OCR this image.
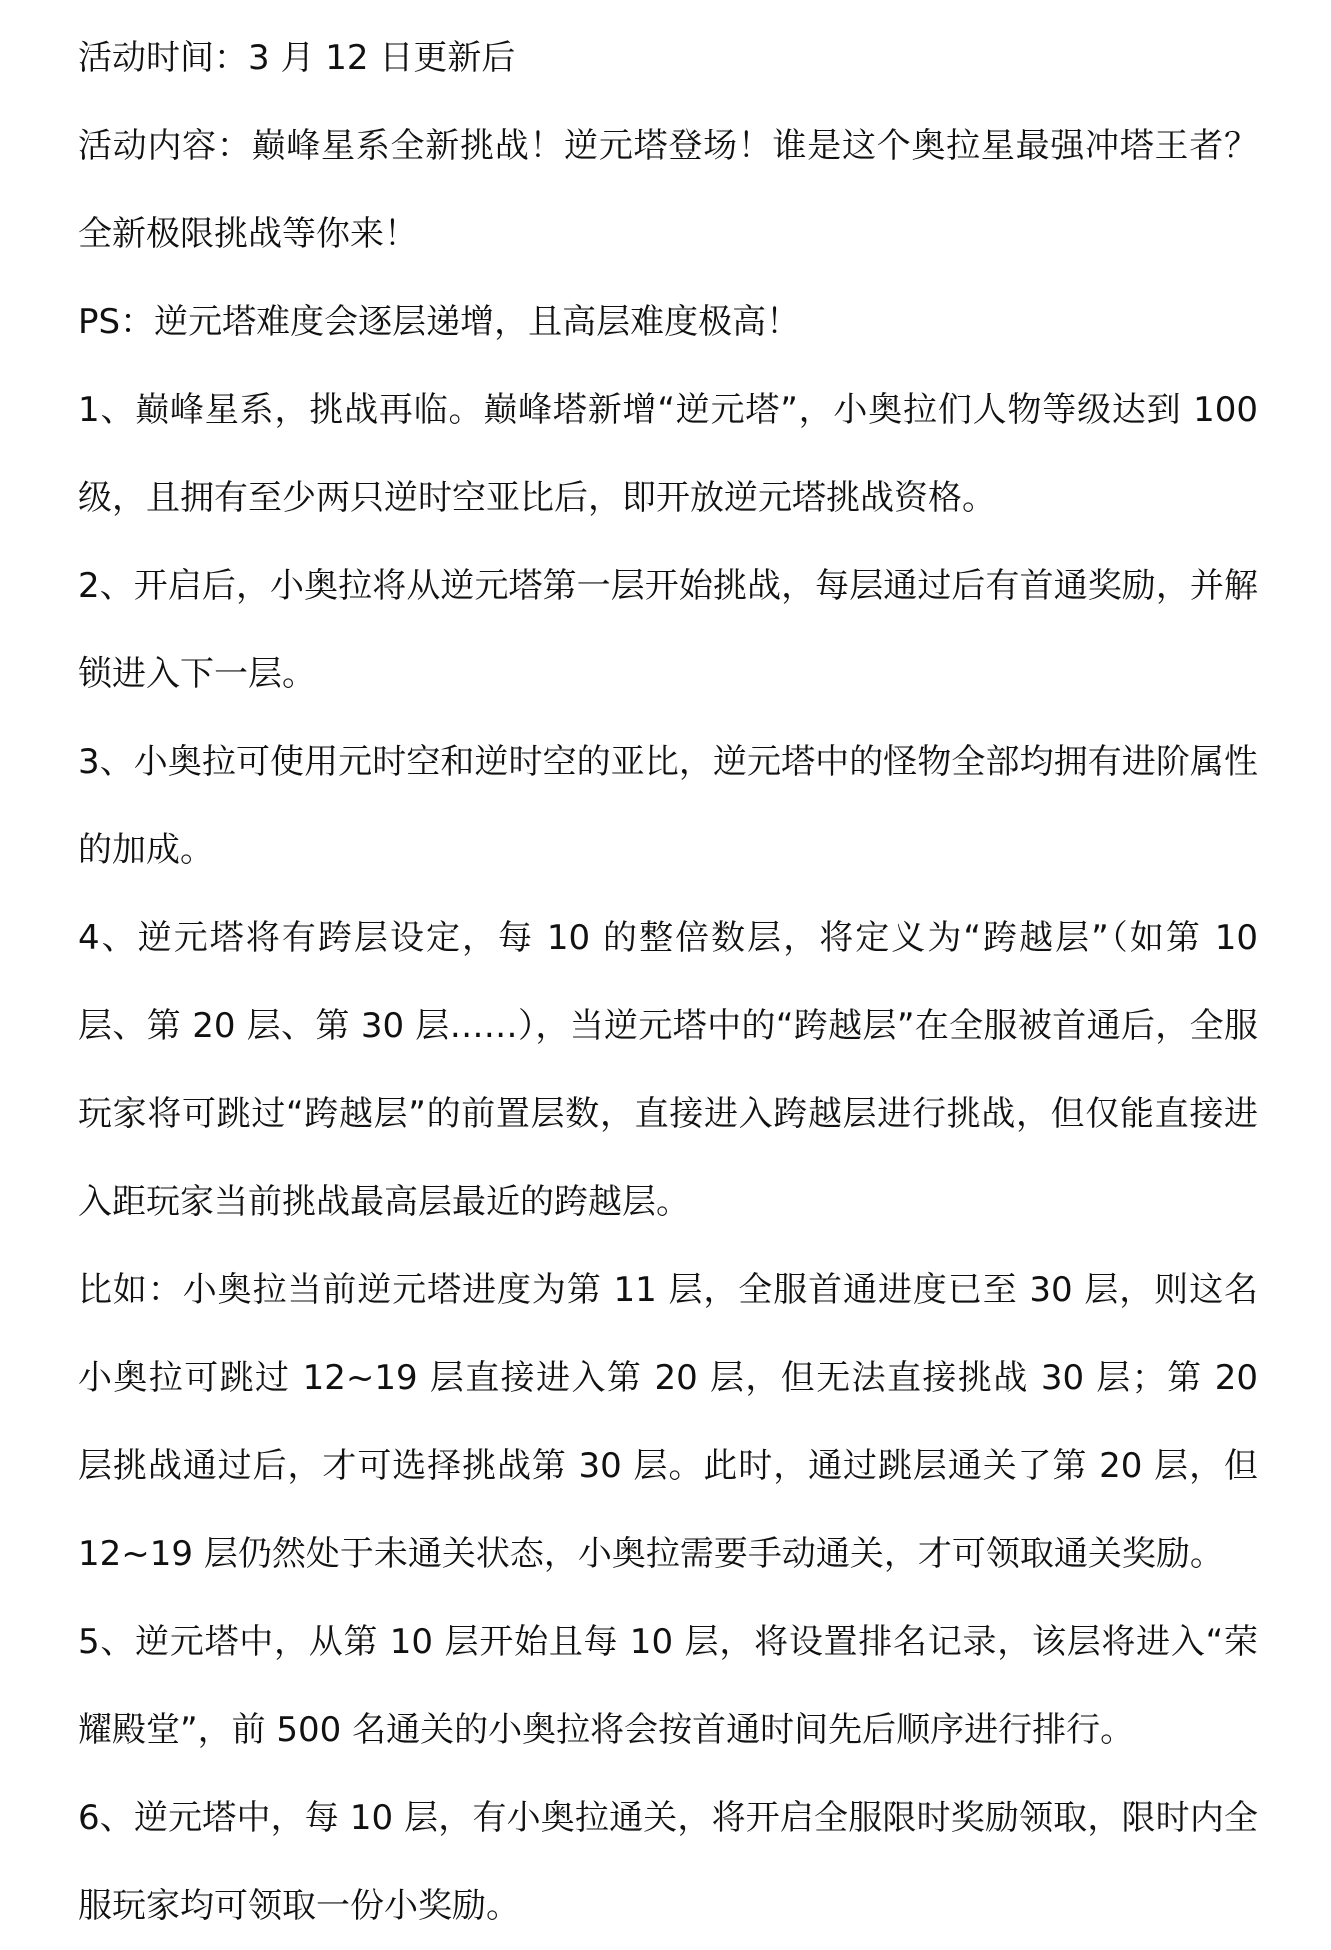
活动时间：3 月 12 日更新后

活动内容：巅峰星系全新挑战！逆元塔登场！谁是这个奥拉星最强冲塔王者？全新极限挑战等你来！

PS：逆元塔难度会逐层递增，且高层难度极高！

1、巅峰星系，挑战再临。巅峰塔新增“逆元塔”，小奥拉们人物等级达到 100 级，且拥有至少两只逆时空亚比后，即开放逆元塔挑战资格。

2、开启后，小奥拉将从逆元塔第一层开始挑战，每层通过后有首通奖励，并解锁进入下一层。

3、小奥拉可使用元时空和逆时空的亚比，逆元塔中的怪物全部均拥有进阶属性的加成。

4、逆元塔将有跨层设定，每 10 的整倍数层，将定义为“跨越层”（如第 10 层、第 20 层、第 30 层……），当逆元塔中的“跨越层”在全服被首通后，全服玩家将可跳过“跨越层”的前置层数，直接进入跨越层进行挑战，但仅能直接进入距玩家当前挑战最高层最近的跨越层。

比如：小奥拉当前逆元塔进度为第 11 层，全服首通进度已至 30 层，则这名小奥拉可跳过 12~19 层直接进入第 20 层，但无法直接挑战 30 层；第 20 层挑战通过后，才可选择挑战第 30 层。此时，通过跳层通关了第 20 层，但 12~19 层仍然处于未通关状态，小奥拉需要手动通关，才可领取通关奖励。

5、逆元塔中，从第 10 层开始且每 10 层，将设置排名记录，该层将进入“荣耀殿堂”，前 500 名通关的小奥拉将会按首通时间先后顺序进行排行。

6、逆元塔中，每 10 层，有小奥拉通关，将开启全服限时奖励领取，限时内全服玩家均可领取一份小奖励。
